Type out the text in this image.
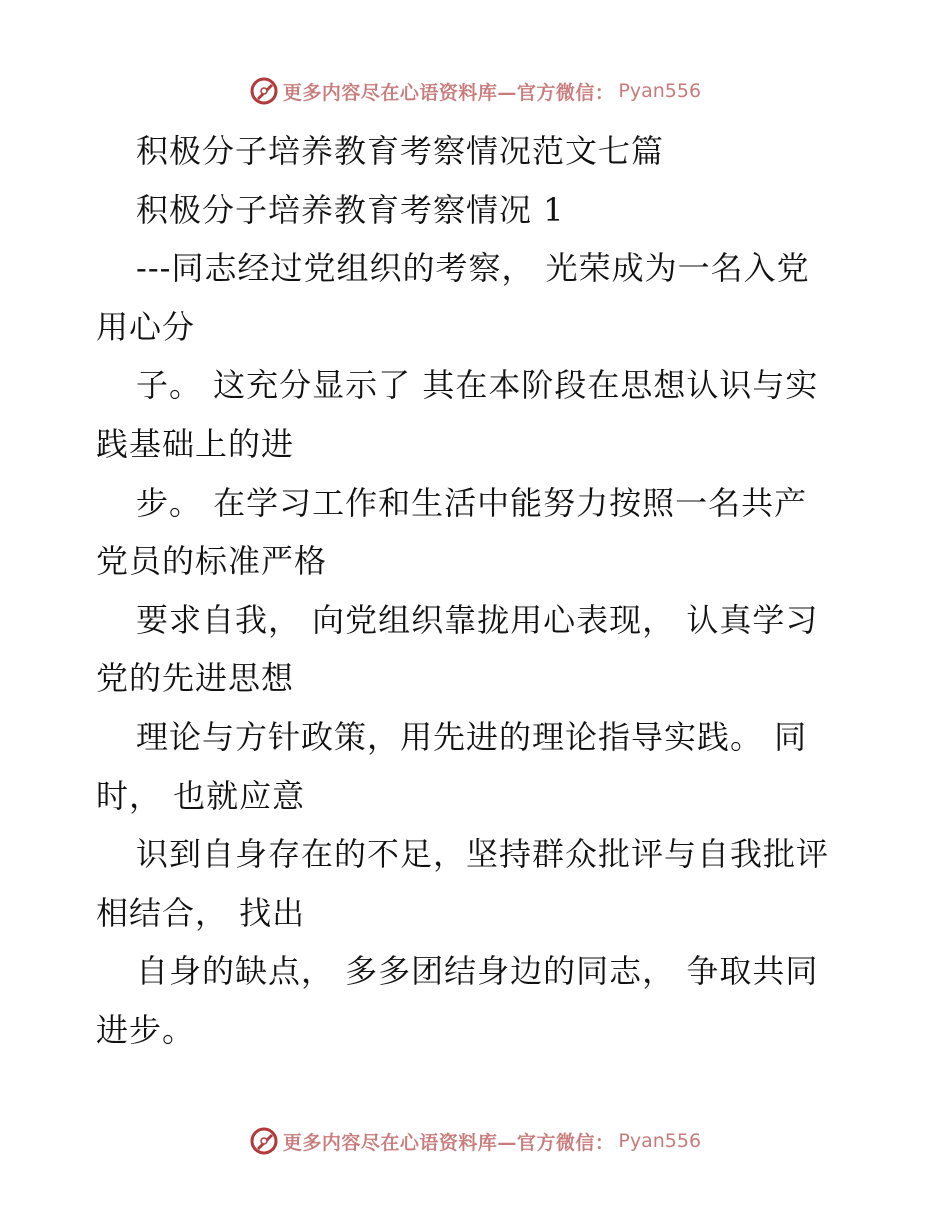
更多内容尽在心语资料库—官方微信： Pyan556
积极分子培养教育考察情况范文七篇
积极分子培养教育考察情况 1
---同志经过党组织的考察， 光荣成为一名入党
用心分
子。 这充分显示了 其在本阶段在思想认识与实
践基础上的进
步。 在学习工作和生活中能努力按照一名共产
党员的标准严格
要求自我， 向党组织靠拢用心表现， 认真学习
党的先进思想
理论与方针政策，用先进的理论指导实践。 同
时， 也就应意
识到自身存在的不足，坚持群众批评与自我批评
相结合， 找出
自身的缺点， 多多团结身边的同志， 争取共同
进步。
更多内容尽在心语资料库—官方微信： Pyan556
